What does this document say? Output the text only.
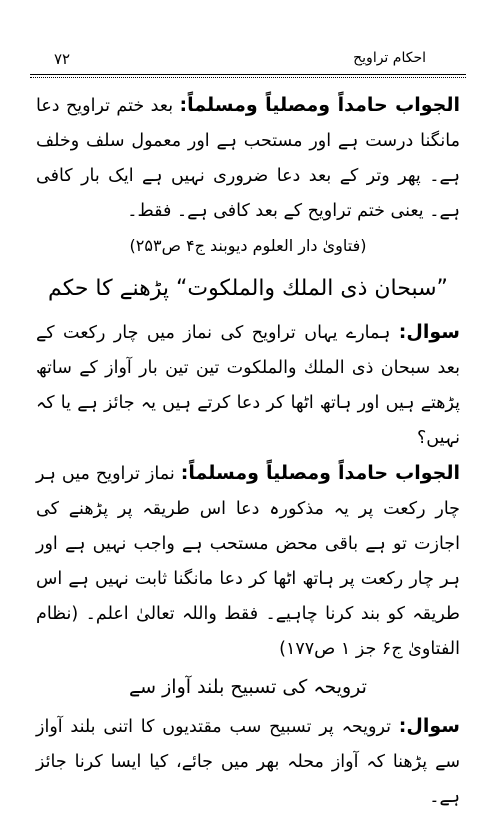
۷۲	احکام تراویح

الجواب حامداً ومصلیاً ومسلماً: بعد ختم تراویح دعا مانگنا درست ہے اور مستحب ہے اور معمول سلف وخلف ہے۔ پھر وتر کے بعد دعا ضروری نہیں ہے ایک بار کافی ہے۔ یعنی ختم تراویح کے بعد کافی ہے۔ فقط۔

(فتاویٰ دار العلوم دیوبند ج۴ ص۲۵۳)
”سبحان ذی الملك والملكوت“ پڑھنے کا حکم

سوال: ہمارے یہاں تراویح کی نماز میں چار رکعت کے بعد سبحان ذی الملك والملكوت تین تین بار آواز کے ساتھ پڑھتے ہیں اور ہاتھ اٹھا کر دعا کرتے ہیں یہ جائز ہے یا کہ نہیں؟

الجواب حامداً ومصلیاً ومسلماً: نماز تراویح میں ہر چار رکعت پر یہ مذکورہ دعا اس طریقہ پر پڑھنے کی اجازت تو ہے باقی محض مستحب ہے واجب نہیں ہے اور ہر چار رکعت پر ہاتھ اٹھا کر دعا مانگنا ثابت نہیں ہے اس طریقہ کو بند کرنا چاہیے۔ فقط واللہ تعالیٰ اعلم۔ (نظام الفتاویٰ ج۶ جز ۱ ص۱۷۷)

ترویحہ کی تسبیح بلند آواز سے

سوال: ترویحہ پر تسبیح سب مقتدیوں کا اتنی بلند آواز سے پڑھنا کہ آواز محلہ بھر میں جائے، کیا ایسا کرنا جائز ہے۔
